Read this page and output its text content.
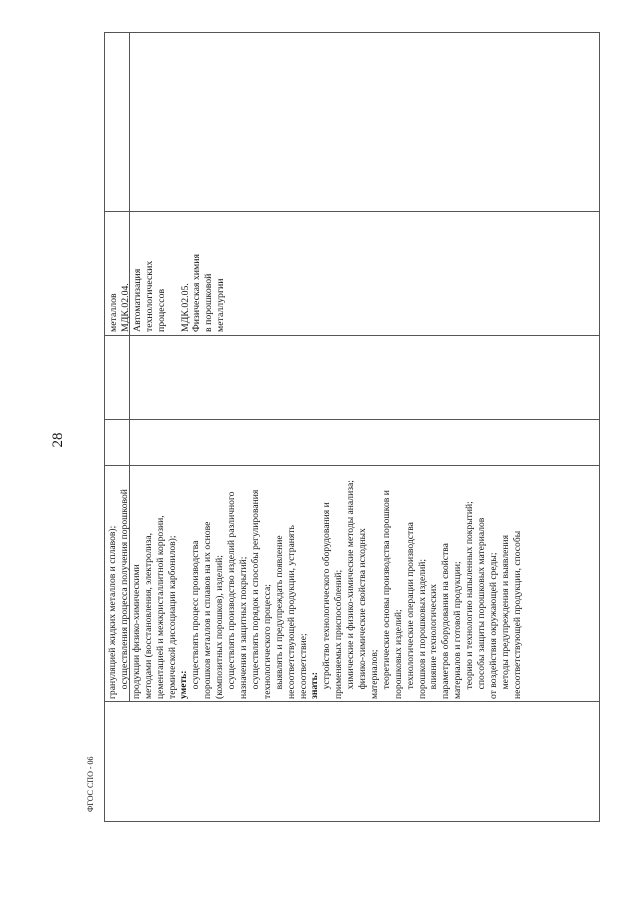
28
ФГОС СПО - 06
грануляцией жидких металлов и сплавов); осуществления процесса получения порошковой продукции физико-химическими методами (восстановления, электролиза, цементацией и межкристаллитной коррозии, термической диссоциации карбонилов); уметь: осуществлять процесс производства порошков металлов и сплавов на их основе (композитных порошков), изделий; осуществлять производство изделий различного назначения и защитных покрытий; осуществлять порядок и способы регулирования технологического процесса; выявлять и предупреждать появление несоответствующей продукции, устранять несоответствие; знать: устройство технологического оборудования и применяемых приспособлений; химические и физико-химические методы анализа; физико-химические свойства исходных материалов; теоретические основы производства порошков и порошковых изделий; технологические операции производства порошков и порошковых изделий; влияние технологических параметров оборудования на свойства материалов и готовой продукции; теорию и технологию напыленных покрытий; способы защиты порошковых материалов от воздействия окружающей среды; методы предупреждения и выявления несоответствующей продукции, способы
металлов МДК.02.04. Автоматизация технологических процессов МДК.02.05. Физическая химия в порошковой металлургии
